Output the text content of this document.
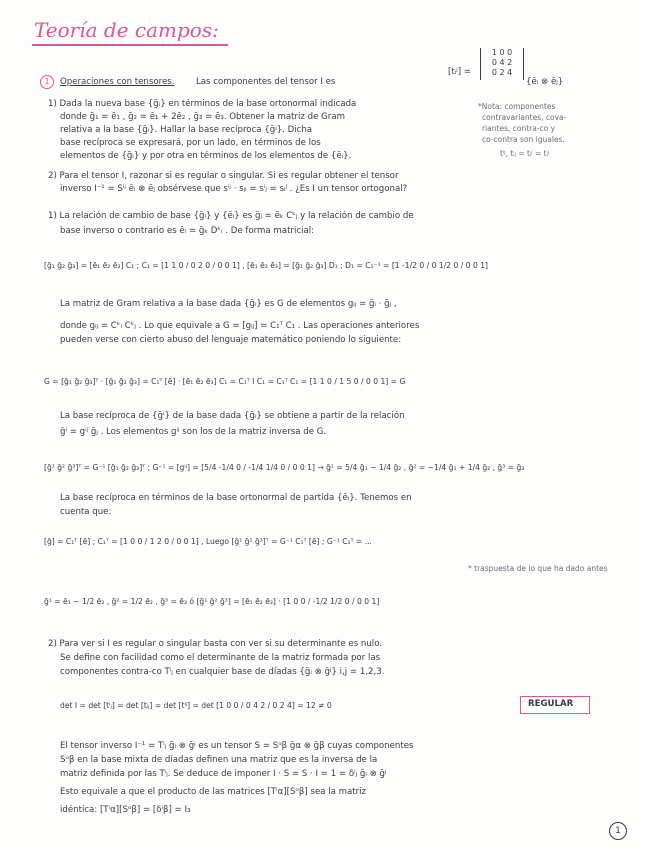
Teoría de campos:
1	Operaciones con tensores.	Las componentes del tensor I es
[tᵢʲ] =
1 0 0
0 4 2
0 2 4
{ēᵢ ⊗ ēⱼ}
1) Dada la nueva base {ḡᵢ} en términos de la base ortonormal indicada
donde ḡ₁ = ē₁ , ḡ₂ = ē₁ + 2ē₂ , ḡ₃ = ē₃. Obtener la matriz de Gram
relativa a la base {ḡᵢ}. Hallar la base recíproca {ḡʲ}. Dicha
base recíproca se expresará, por un lado, en términos de los
elementos de {ḡᵢ} y por otra en términos de los elementos de {ēᵢ}.
*Nota: componentes
contravariantes, cova-
riantes, contra-co y
co-contra son iguales.
tⁱʲ, tᵢⱼ = tᵢʲ = tᵢʲ
2) Para el tensor I, razonar si es regular o singular. Si es regular obtener el tensor
inverso I⁻¹ = Sⁱʲ ēᵢ ⊗ ēⱼ obsérvese que sⁱʲ · sⱼᵢ = sⁱⱼ = sᵢʲ . ¿Es I un tensor ortogonal?
1) La relación de cambio de base {ḡᵢ} y {ēᵢ} es ḡⱼ = ēₖ Cᵏⱼ y la relación de cambio de
base inverso o contrario es ēᵢ = ḡₖ Dᵏᵢ . De forma matricial:
[ḡ₁ ḡ₂ ḡ₃] = [ē₁ ē₂ ē₃] C₁ ; C₁ = [1 1 0 / 0 2 0 / 0 0 1] , [ē₁ ē₂ ē₃] = [ḡ₁ ḡ₂ ḡ₃] D₁ ; D₁ = C₁⁻¹ = [1 -1/2 0 / 0 1/2 0 / 0 0 1]
La matriz de Gram relativa a la base dada {ḡᵢ} es G de elementos gᵢⱼ = ḡᵢ · ḡⱼ ,
donde gᵢⱼ = Cᵏᵢ Cᵏⱼ . Lo que equivale a G = [gᵢⱼ] = C₁ᵀ C₁ . Las operaciones anteriores
pueden verse con cierto abuso del lenguaje matemático poniendo lo siguiente:
G = [ḡ₁ ḡ₂ ḡ₃]ᵀ · [ḡ₁ ḡ₂ ḡ₃] = C₁ᵀ [ē] · [ē₁ ē₂ ē₃] C₁ = C₁ᵀ I C₁ = C₁ᵀ C₁ = [1 1 0 / 1 5 0 / 0 0 1] = G
La base recíproca de {ḡⁱ} de la base dada {ḡᵢ} se obtiene a partir de la relación
ḡⁱ = gⁱʲ ḡⱼ . Los elementos gⁱʲ son los de la matriz inversa de G.
[ḡ¹ ḡ² ḡ³]ᵀ = G⁻¹ [ḡ₁ ḡ₂ ḡ₃]ᵀ ; G⁻¹ = [gⁱʲ] = [5/4 -1/4 0 / -1/4 1/4 0 / 0 0 1] → ḡ¹ = 5/4 ḡ₁ − 1/4 ḡ₂ , ḡ² = −1/4 ḡ₁ + 1/4 ḡ₂ , ḡ³ = ḡ₃
La base recíproca en términos de la base ortonormal de partida {ēᵢ}. Tenemos en
cuenta que:
[ḡ] = C₁ᵀ [ē] ; C₁ᵀ = [1 0 0 / 1 2 0 / 0 0 1] , Luego [ḡ¹ ḡ² ḡ³]ᵀ = G⁻¹ C₁ᵀ [ē] ; G⁻¹ C₁ᵀ = ...
ḡ¹ = ē₁ − 1/2 ē₂ , ḡ² = 1/2 ē₂ , ḡ³ = ē₃ ó [ḡ¹ ḡ² ḡ³] = [ē₁ ē₂ ē₃] · [1 0 0 / -1/2 1/2 0 / 0 0 1]
* traspuesta de lo que ha dado antes
2) Para ver si I es regular o singular basta con ver si su determinante es nulo.
Se define con facilidad como el determinante de la matriz formada por las
componentes contra-co Tⁱⱼ en cualquier base de díadas {ḡᵢ ⊗ ḡʲ} i,j = 1,2,3.
det I = det [tⁱⱼ] = det [tᵢⱼ] = det [tⁱʲ] = det [1 0 0 / 0 4 2 / 0 2 4] = 12 ≠ 0	REGULAR
El tensor inverso I⁻¹ = Tⁱⱼ ḡᵢ ⊗ ḡʲ es un tensor S = Sᵅβ ḡα ⊗ ḡβ cuyas componentes
Sᵅβ en la base mixta de díadas definen una matriz que es la inversa de la
matriz definida por las Tⁱⱼ. Se deduce de imponer I · S = S · I = 1 = δⁱⱼ ḡᵢ ⊗ ḡʲ
Esto equivale a que el producto de las matrices [Tⁱα][Sᵅβ] sea la matriz
idéntica: [Tⁱα][Sᵅβ] = [δⁱβ] = I₃
1
